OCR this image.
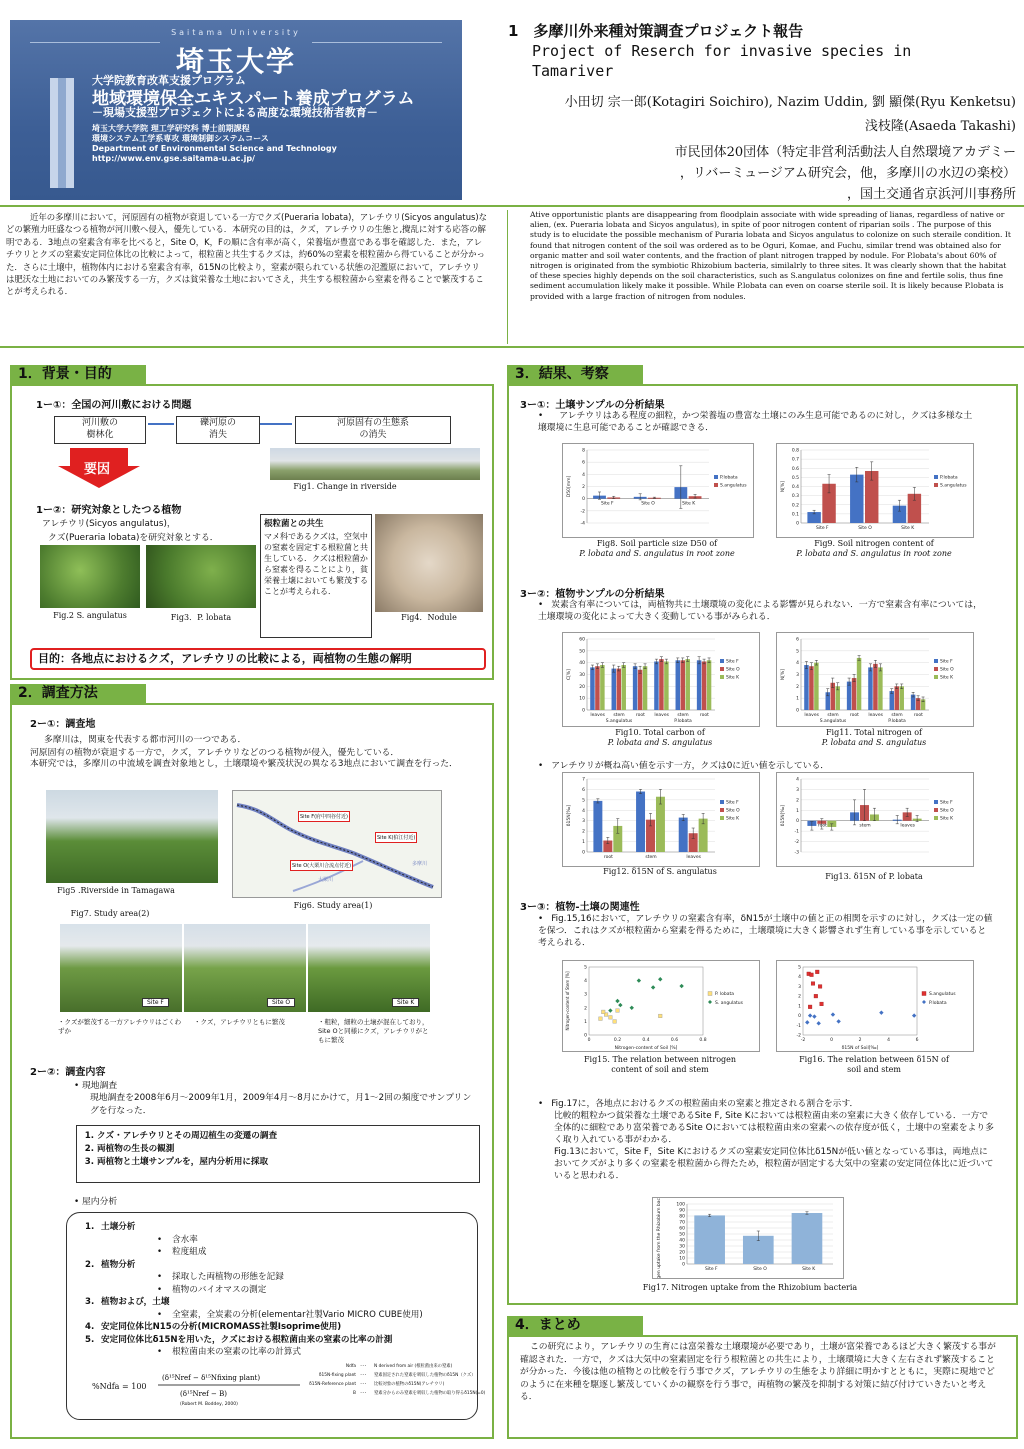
Saitama University
埼玉大学
大学院教育改革支援プログラム
地域環境保全エキスパート養成プログラム
－現場支援型プロジェクトによる高度な環境技術者教育－
埼玉大学大学院 理工学研究科 博士前期課程
環境システム工学系専攻 環境制御システムコース
Department of Environmental Science and Technology
http://www.env.gse.saitama-u.ac.jp/
1　多摩川外来種対策調査プロジェクト報告
Project of Reserch for invasive species in Tamariver
小田切 宗一郎(Kotagiri Soichiro), Nazim Uddin, 劉 顯傑(Ryu Kenketsu)
浅枝隆(Asaeda Takashi)
市民団体20団体（特定非営利活動法人自然環境アカデミー
，リバーミュージアム研究会，他，多摩川の水辺の楽校）
，国土交通省京浜河川事務所
近年の多摩川において，河原固有の植物が衰退している一方でクズ(Pueraria lobata)，アレチウリ(Sicyos angulatus)などの繁殖力旺盛なつる植物が河川敷へ侵入，優先している．本研究の目的は，クズ，アレチウリの生態と,攪乱に対する応答の解明である．3地点の窒素含有率を比べると，Site O，K，Fの順に含有率が高く，栄養塩が豊富である事を確認した．また，アレチウリとクズの窒素安定同位体比の比較によって，根粒菌と共生するクズは，約60%の窒素を根粒菌から得ていることが分かった．さらに土壌中，植物体内における窒素含有率，δ15Nの比較より，窒素が限られている状態の氾濫原において，アレチウリは肥沃な土地においてのみ繁茂する一方，クズは貧栄養な土地においてさえ，共生する根粒菌から窒素を得ることで繁茂することが考えられる．
Ative opportunistic plants are disappearing from floodplain associate with wide spreading of lianas, regardless of native or alien, (ex. Pueraria lobata and Sicyos angulatus), in spite of poor nitrogen content of riparian soils . The purpose of this study is to elucidate the possible mechanism of Puraria lobata and Sicyos angulatus to colonize on such steraile condition. It found that nitrogen content of the soil was ordered as to be Oguri, Komae, and Fuchu, similar trend was obtained also for organic matter and soil water contents, and the fraction of plant nitrogen trapped by nodule. For P.lobata's about 60% of nitrogen is originated from the symbiotic Rhizobium bacteria, similalrly to three sites. It was clearly shown that the habitat of these species highly depends on the soil characteristics, such as S.angulatus colonizes on fine and fertile solis, thus fine sediment accumulation likely make it possible. While P.lobata can even on coarse sterile soil. It is likely because P.lobata is provided with a large fraction of nitrogen from nodules.
1．背景・目的
1ー①：全国の河川敷における問題
河川敷の
樹林化
礫河原の
消失
河原固有の生態系
の消失
要因
Fig1. Change in riverside
1ー②：研究対象としたつる植物
アレチウリ(Sicyos angulatus)，
クズ(Pueraria lobata)を研究対象とする．
Fig.2 S. angulatus	Fig3．P. lobata
根粒菌との共生
マメ科であるクズは，空気中の窒素を固定する根粒菌と共生している．クズは根粒菌から窒素を得ることにより，貧栄養土壌においても繁茂することが考えられる．
Fig4．Nodule
目的：各地点におけるクズ，アレチウリの比較による，両植物の生態の解明
2．調査方法
2ー①：調査地
多摩川は，関東を代表する都市河川の一つである．
河原固有の植物が衰退する一方で，クズ，アレチウリなどのつる植物が侵入，優先している．
本研究では，多摩川の中流域を調査対象地とし，土壌環境や繁茂状況の異なる3地点において調査を行った．
Fig5 .Riverside in Tamagawa
Site F(府中四谷付近)
Site K(狛江付近)
Site O(大栗川合流点付近)	多摩川
大栗川
Fig6. Study area(1)
Fig7. Study area(2)
Site F	Site O	Site K
・クズが繁茂する一方アレチウリはごくわずか
・クズ，アレチウリともに繁茂	・粗粒，細粒の土壌が混在しており，Site Oと同様にクズ，アレチウリがともに繁茂
2ー②：調査内容
• 現地調査
現地調査を2008年6月～2009年1月，2009年4月～8月にかけて，月1～2回の頻度でサンプリングを行なった．
1. クズ・アレチウリとその周辺植生の変遷の調査
2. 両植物の生長の観測
3. 両植物と土壌サンプルを，屋内分析用に採取
• 屋内分析
1. 土壌分析
• 含水率
• 粒度組成
2. 植物分析
• 採取した両植物の形態を記録
• 植物のバイオマスの測定
3. 植物および，土壌
• 全窒素，全炭素の分析(elementar社製Vario MICRO CUBE使用)
4. 安定同位体比N15の分析(MICROMASS社製Isoprime使用)
5. 安定同位体比δ15Nを用いた，クズにおける根粒菌由来の窒素の比率の計測
• 根粒菌由来の窒素の比率の計算式
%Ndfa = 100
(δ¹⁵Nref − δ¹⁵Nfixing plant)
(δ¹⁵Nref − B)
(Robert M. Boddey, 2000)
Ndfa ･･･ N derived from air (根粒菌由来の窒素)
δ15N-fixing plant ･･･ 窒素固定された窒素を吸収した植物のδ15N（クズ）
δ15N-Reference plant ･･･ 比較対象の植物のδ15N(アレチウリ)
B ･･･ 窒素分からのみ窒素を吸収した植物の取り得るδ15N(=0)
3．結果、考察
3ー①：土壌サンプルの分析結果
• アレチウリはある程度の細粒，かつ栄養塩の豊富な土壌にのみ生息可能であるのに対し，クズは多様な土壌環境に生息可能であることが確認できる．
-4
-2
0
2
4
6
8
D50[mm]
Site F	Site O	Site K
P.lobata
S.angulatus
Fig8. Soil particle size D50 of
P. lobata and S. angulatus in root zone
0
0.1
0.2
0.3
0.4
0.5
0.6
0.7
0.8
N[%]
Site F	Site O	Site K
P.lobata
S.angulatus
Fig9. Soil nitrogen content of
P. lobata and S. angulatus in root zone
3ー②：植物サンプルの分析結果
• 炭素含有率については，両植物共に土壌環境の変化による影響が見られない．一方で窒素含有率については，土壌環境の変化によって大きく変動している事がみられる．
0
10
20
30
40
50
60
C[%]
leaves stem root leaves stem root
S.angulatus	P.lobata
Site F
Site O
Site K
Fig10. Total carbon of
P. lobata and S. angulatus
0
1
2
3
4
5
6
N[%]
leaves stem root leaves stem root
S.angulatus	P.lobata
Site F
Site O
Site K
Fig11. Total nitrogen of
P. lobata and S. angulatus
• アレチウリが概ね高い値を示す一方，クズは0に近い値を示している．
0
1
2
3
4
5
6
7
δ15N[‰]
root	stem	leaves
Site F
Site O
Site K
Fig12. δ15N of S. angulatus
-3
-2
-1
0
1
2
3
4
δ15N[‰]
root	stem	leaves
Site F
Site O
Site K
Fig13. δ15N of P. lobata
3ー③：植物-土壌の関連性
• Fig.15,16において，アレチウリの窒素含有率，δN15が土壌中の値と正の相関を示すのに対し，クズは一定の値を保つ．これはクズが根粒菌から窒素を得るために，土壌環境に大きく影響されず生育している事を示していると考えられる．
0	0.2	0.4	0.6	0.8
0
1
2
3
4
5
Nitrogen-content of Soil [%]
Nitrogen-content of Stem [%]	P. lobata
S. angulatus
Fig15. The relation between nitrogen
content of soil and stem
-2	0	2	4	6
-2
-1
0
1
2
3
4
5
δ15N of Soil[‰]
S.angulatus
P.lobata
Fig16. The relation between δ15N of
soil and stem
• Fig.17に，各地点におけるクズの根粒菌由来の窒素と推定される割合を示す．
比較的粗粒かつ貧栄養な土壌であるSite F, Site Kにおいては根粒菌由来の窒素に大きく依存している．一方で全体的に細粒であり富栄養であるSite Oにおいては根粒菌由来の窒素への依存度が低く，土壌中の窒素をより多く取り入れている事がわかる．
Fig.13において，Site F，Site Kにおけるクズの窒素安定同位体比δ15Nが低い値となっている事は，両地点においてクズがより多くの窒素を根粒菌から得たため，根粒菌が固定する大気中の窒素の安定同位体比に近づいていると思われる．
0
10
20
30
40
50
60
70
80
90
100
Nitrogen uptake from the Rhizobium bacteria [%]	Site F	Site O	Site K
Fig17. Nitrogen uptake from the Rhizobium bacteria
4．まとめ
この研究により，アレチウリの生育には富栄養な土壌環境が必要であり，土壌が富栄養であるほど大きく繁茂する事が確認された．一方で，クズは大気中の窒素固定を行う根粒菌との共生により，土壌環境に大きく左右されず繁茂することが分かった．今後は他の植物との比較を行う事でクズ，アレチウリの生態をより詳細に明かすとともに，実際に現地でどのように在来種を駆逐し繁茂していくかの観察を行う事で，両植物の繁茂を抑制する対策に結び付けていきたいと考える．
